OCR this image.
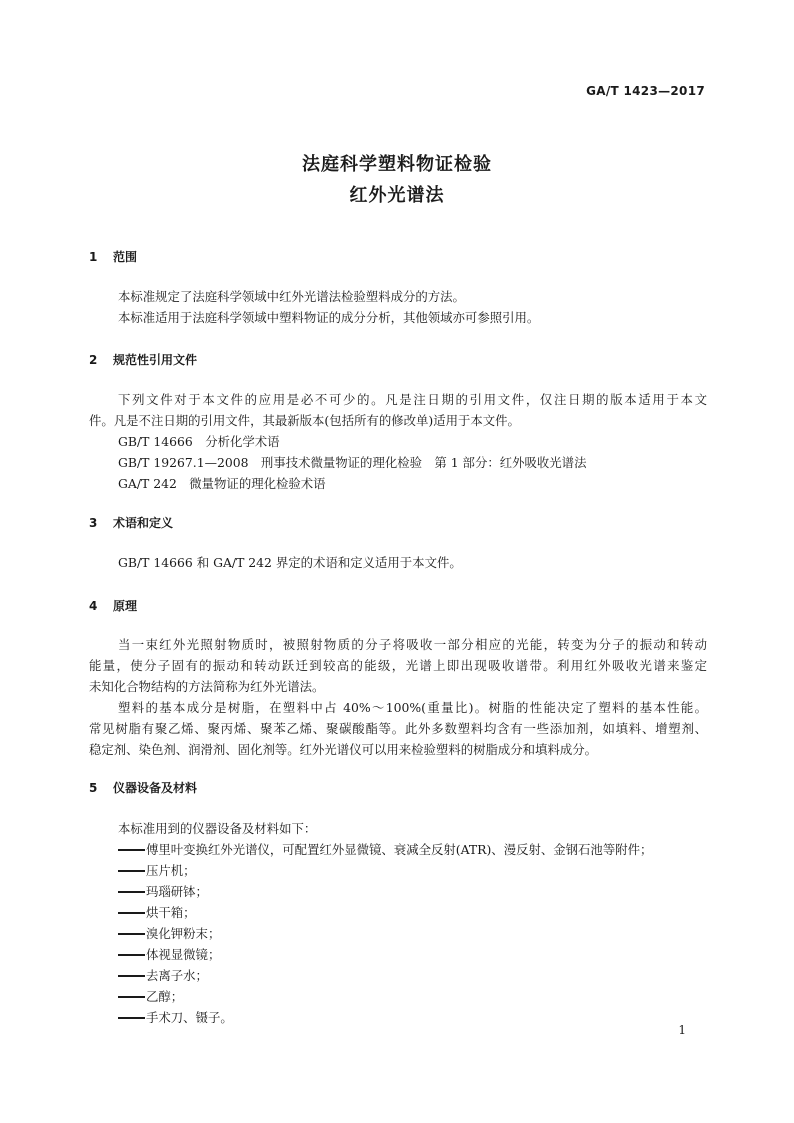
GA/T 1423—2017
法庭科学塑料物证检验
红外光谱法
1 范围
本标准规定了法庭科学领域中红外光谱法检验塑料成分的方法。
本标准适用于法庭科学领域中塑料物证的成分分析，其他领域亦可参照引用。
2 规范性引用文件
下列文件对于本文件的应用是必不可少的。凡是注日期的引用文件，仅注日期的版本适用于本文
件。凡是不注日期的引用文件，其最新版本(包括所有的修改单)适用于本文件。
GB/T 14666　分析化学术语
GB/T 19267.1—2008　刑事技术微量物证的理化检验　第 1 部分：红外吸收光谱法
GA/T 242　微量物证的理化检验术语
3 术语和定义
GB/T 14666 和 GA/T 242 界定的术语和定义适用于本文件。
4 原理
当一束红外光照射物质时，被照射物质的分子将吸收一部分相应的光能，转变为分子的振动和转动
能量，使分子固有的振动和转动跃迁到较高的能级，光谱上即出现吸收谱带。利用红外吸收光谱来鉴定
未知化合物结构的方法简称为红外光谱法。
塑料的基本成分是树脂，在塑料中占 40%～100%(重量比)。树脂的性能决定了塑料的基本性能。
常见树脂有聚乙烯、聚丙烯、聚苯乙烯、聚碳酸酯等。此外多数塑料均含有一些添加剂，如填料、增塑剂、
稳定剂、染色剂、润滑剂、固化剂等。红外光谱仪可以用来检验塑料的树脂成分和填料成分。
5 仪器设备及材料
本标准用到的仪器设备及材料如下：
傅里叶变换红外光谱仪，可配置红外显微镜、衰减全反射(ATR)、漫反射、金钢石池等附件；
压片机；
玛瑙研钵；
烘干箱；
溴化钾粉末；
体视显微镜；
去离子水；
乙醇；
手术刀、镊子。
1
